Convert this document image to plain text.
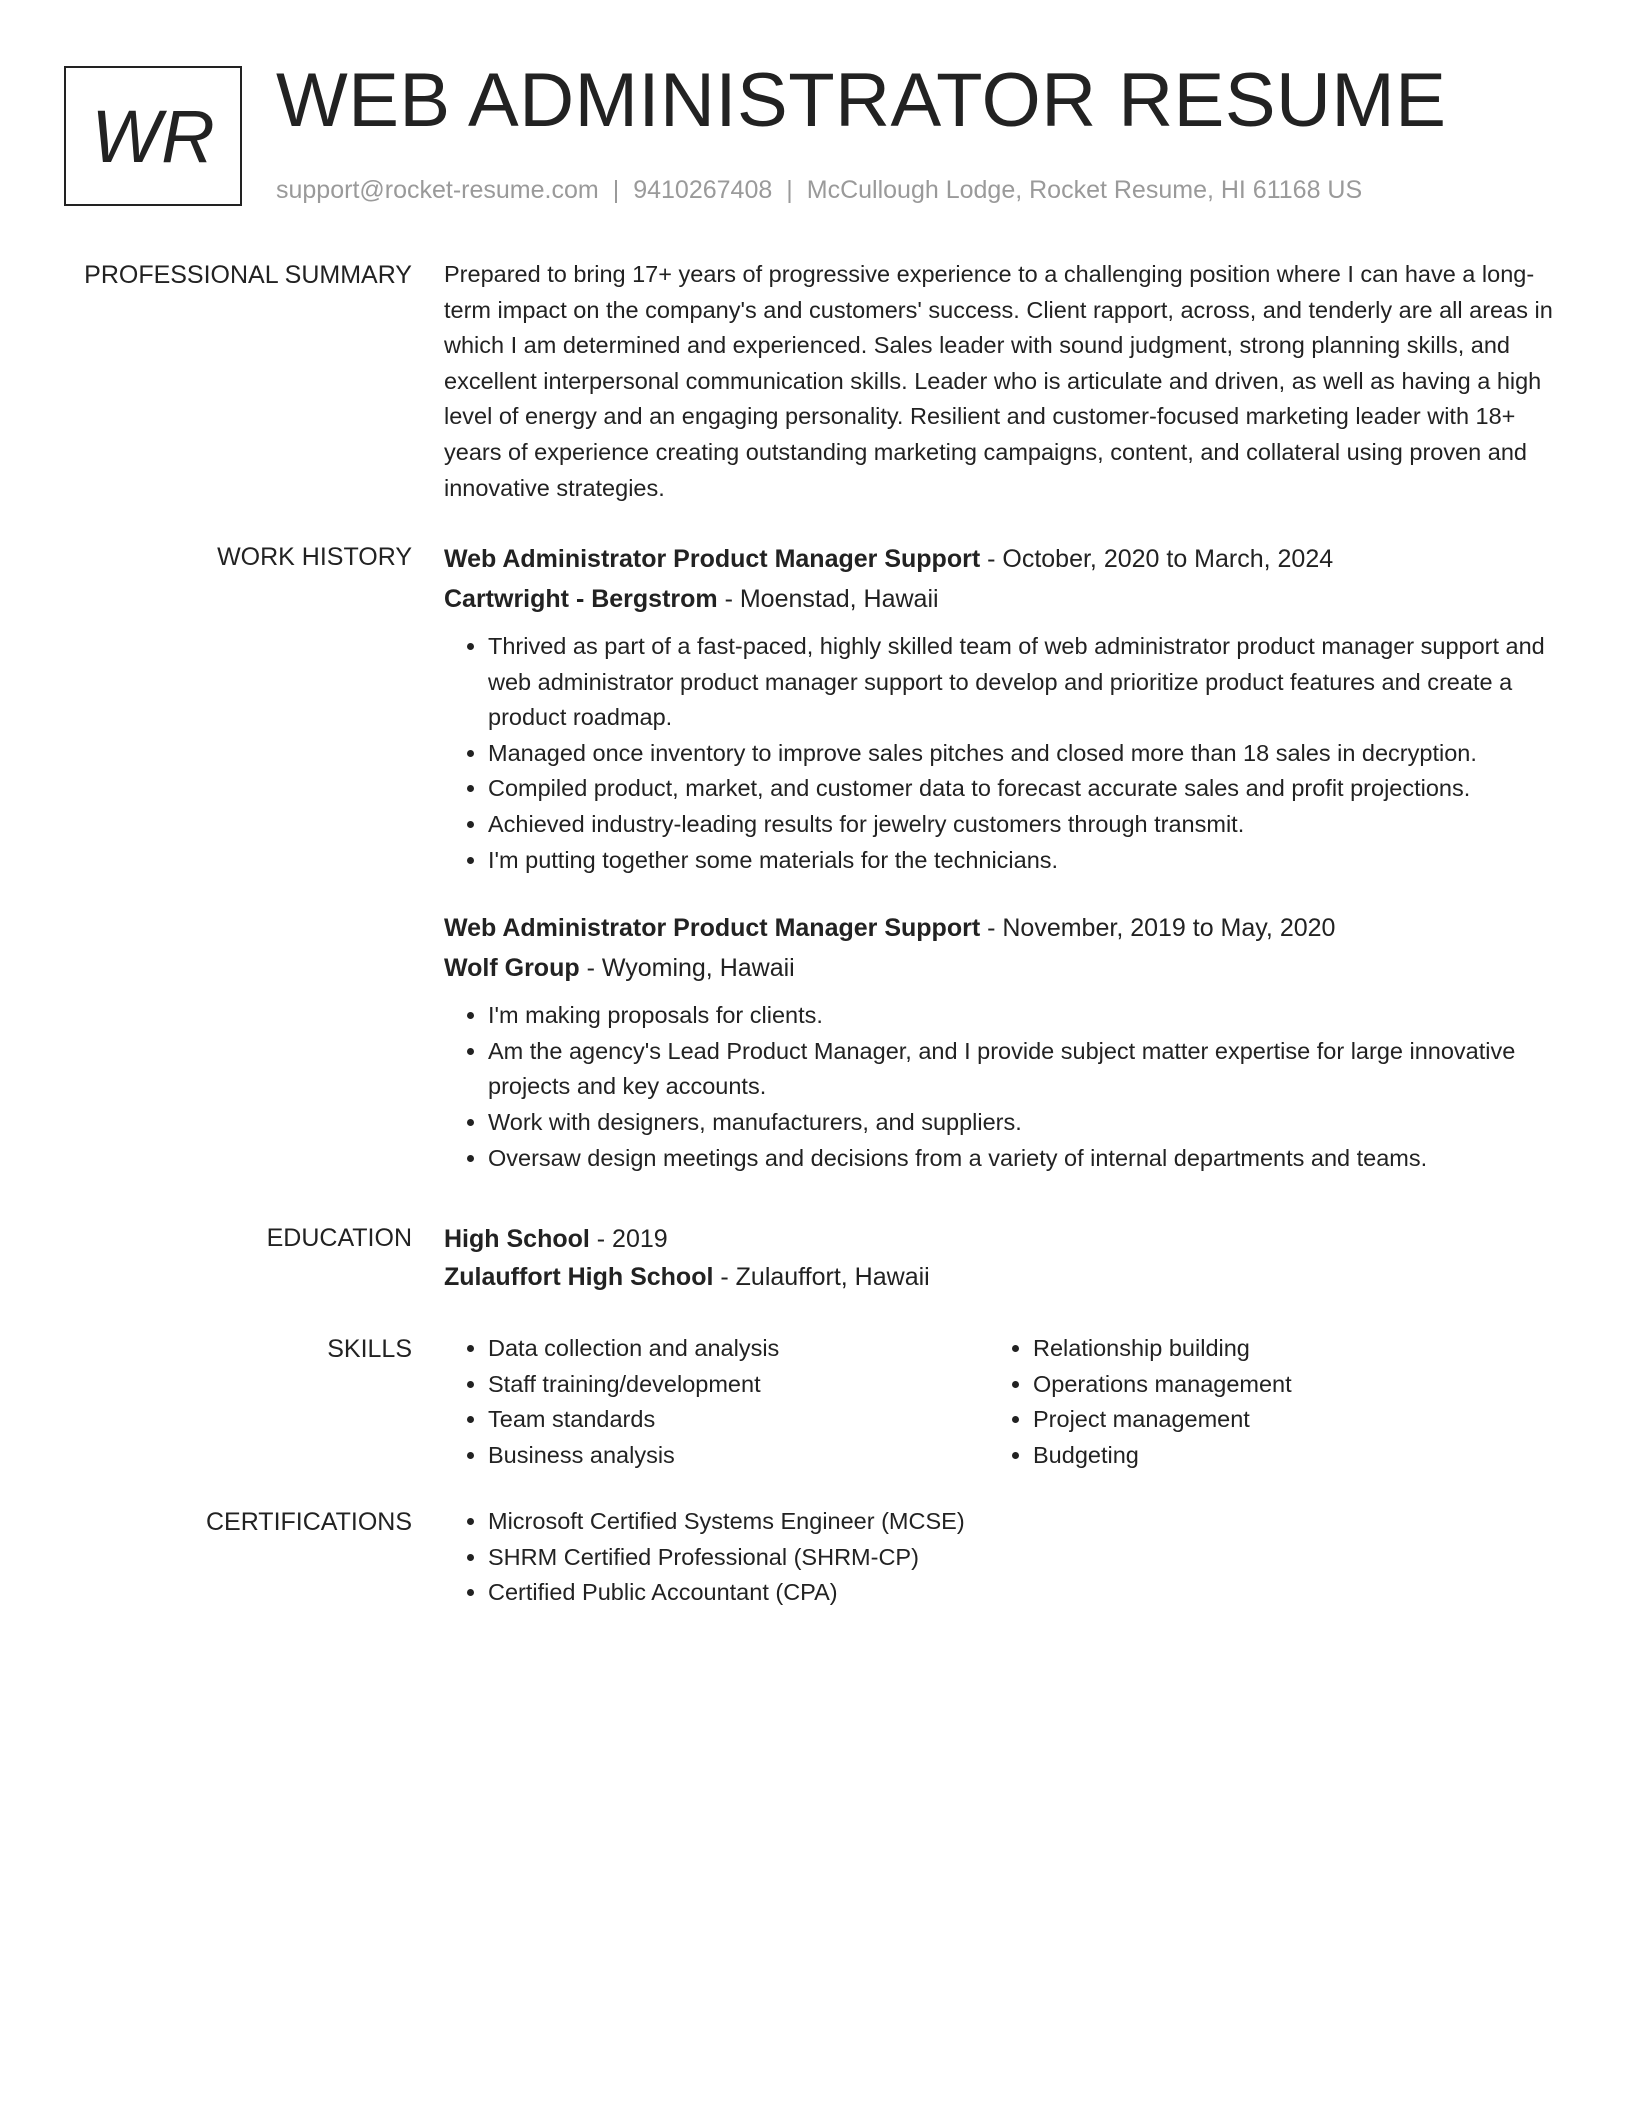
WR WEB ADMINISTRATOR RESUME
support@rocket-resume.com | 9410267408 | McCullough Lodge, Rocket Resume, HI 61168 US
PROFESSIONAL SUMMARY Prepared to bring 17+ years of progressive experience to a challenging position where I can have a long-term impact on the company's and customers' success. Client rapport, across, and tenderly are all areas in which I am determined and experienced. Sales leader with sound judgment, strong planning skills, and excellent interpersonal communication skills. Leader who is articulate and driven, as well as having a high level of energy and an engaging personality. Resilient and customer-focused marketing leader with 18+ years of experience creating outstanding marketing campaigns, content, and collateral using proven and innovative strategies.

WORK HISTORY Web Administrator Product Manager Support - October, 2020 to March, 2024

Cartwright - Bergstrom - Moenstad, Hawaii

• Thrived as part of a fast-paced, highly skilled team of web administrator product manager support and web administrator product manager support to develop and prioritize product features and create a product roadmap.
• Managed once inventory to improve sales pitches and closed more than 18 sales in decryption.
• Compiled product, market, and customer data to forecast accurate sales and profit projections.
• Achieved industry-leading results for jewelry customers through transmit.
• I'm putting together some materials for the technicians.

Web Administrator Product Manager Support - November, 2019 to May, 2020

Wolf Group - Wyoming, Hawaii

• I'm making proposals for clients.
• Am the agency's Lead Product Manager, and I provide subject matter expertise for large innovative projects and key accounts.
• Work with designers, manufacturers, and suppliers.
• Oversaw design meetings and decisions from a variety of internal departments and teams.
EDUCATION High School - 2019

Zulauffort High School - Zulauffort, Hawaii

SKILLS	• Data collection and analysis
• Staff training/development
• Team standards
• Business analysis
• Relationship building
• Operations management
• Project management
• Budgeting
CERTIFICATIONS	• Microsoft Certified Systems Engineer (MCSE)
• SHRM Certified Professional (SHRM-CP)
• Certified Public Accountant (CPA)
